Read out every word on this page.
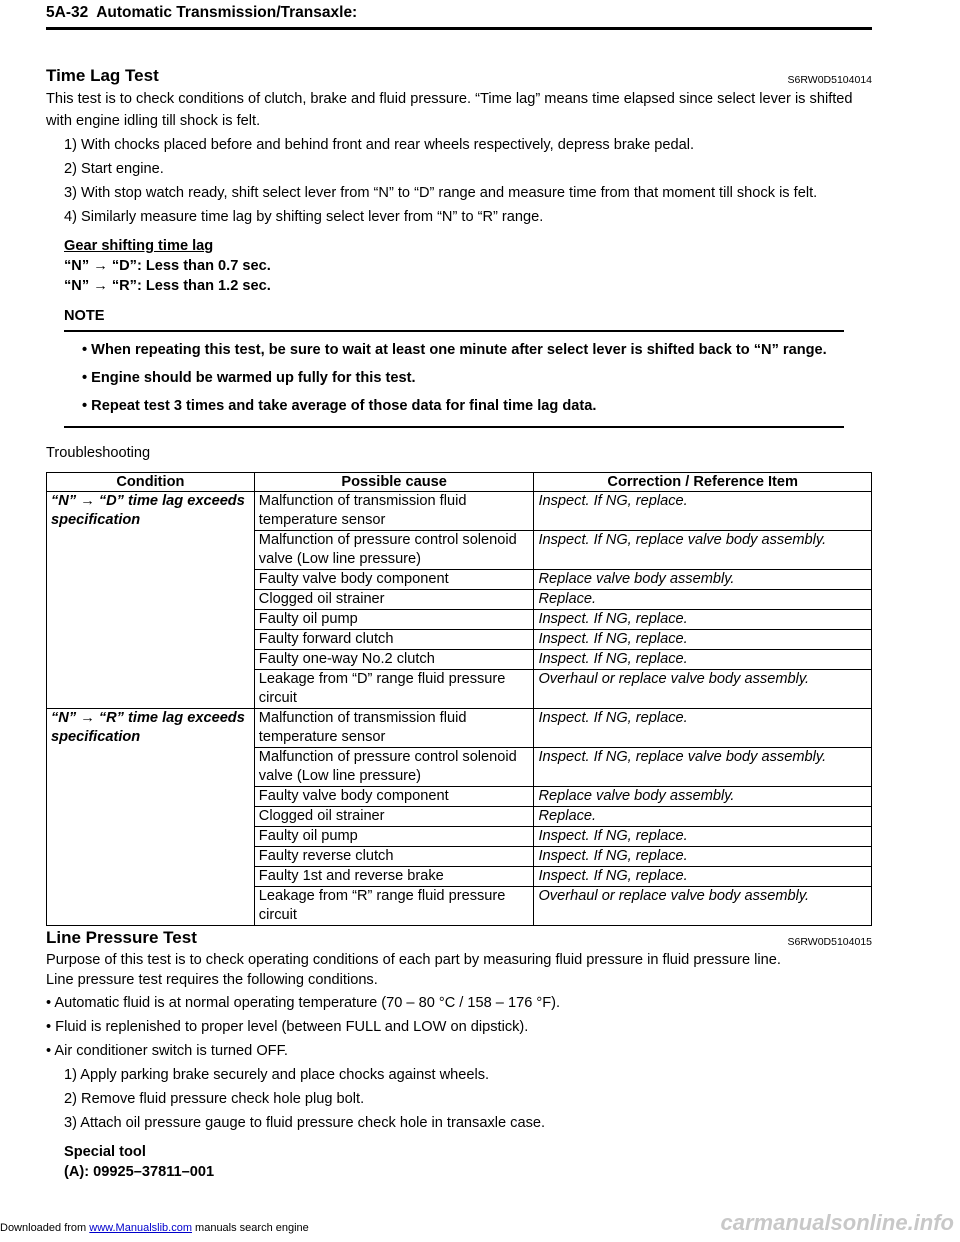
5A-32 Automatic Transmission/Transaxle:
S6RW0D5104014
Time Lag Test
This test is to check conditions of clutch, brake and fluid pressure. “Time lag” means time elapsed since select lever is shifted with engine idling till shock is felt.
1) With chocks placed before and behind front and rear wheels respectively, depress brake pedal.
2) Start engine.
3) With stop watch ready, shift select lever from “N” to “D” range and measure time from that moment till shock is felt.
4) Similarly measure time lag by shifting select lever from “N” to “R” range.
Gear shifting time lag
“N” → “D”: Less than 0.7 sec.
“N” → “R”: Less than 1.2 sec.
NOTE
• When repeating this test, be sure to wait at least one minute after select lever is shifted back to “N” range.
• Engine should be warmed up fully for this test.
• Repeat test 3 times and take average of those data for final time lag data.
Troubleshooting
Condition	Possible cause	Correction / Reference Item
“N” → “D” time lag exceeds specification	Malfunction of transmission fluid temperature sensor	Inspect. If NG, replace.
	Malfunction of pressure control solenoid valve (Low line pressure)	Inspect. If NG, replace valve body assembly.
	Faulty valve body component	Replace valve body assembly.
	Clogged oil strainer	Replace.
	Faulty oil pump	Inspect. If NG, replace.
	Faulty forward clutch	Inspect. If NG, replace.
	Faulty one-way No.2 clutch	Inspect. If NG, replace.
	Leakage from “D” range fluid pressure circuit	Overhaul or replace valve body assembly.
“N” → “R” time lag exceeds specification	Malfunction of transmission fluid temperature sensor	Inspect. If NG, replace.
	Malfunction of pressure control solenoid valve (Low line pressure)	Inspect. If NG, replace valve body assembly.
	Faulty valve body component	Replace valve body assembly.
	Clogged oil strainer	Replace.
	Faulty oil pump	Inspect. If NG, replace.
	Faulty reverse clutch	Inspect. If NG, replace.
	Faulty 1st and reverse brake	Inspect. If NG, replace.
	Leakage from “R” range fluid pressure circuit	Overhaul or replace valve body assembly.
S6RW0D5104015
Line Pressure Test
Purpose of this test is to check operating conditions of each part by measuring fluid pressure in fluid pressure line.
Line pressure test requires the following conditions.
• Automatic fluid is at normal operating temperature (70 – 80 °C / 158 – 176 °F).
• Fluid is replenished to proper level (between FULL and LOW on dipstick).
• Air conditioner switch is turned OFF.
1) Apply parking brake securely and place chocks against wheels.
2) Remove fluid pressure check hole plug bolt.
3) Attach oil pressure gauge to fluid pressure check hole in transaxle case.
Special tool
(A): 09925–37811–001
carmanualsonline.info
Downloaded from www.Manualslib.com manuals search engine
